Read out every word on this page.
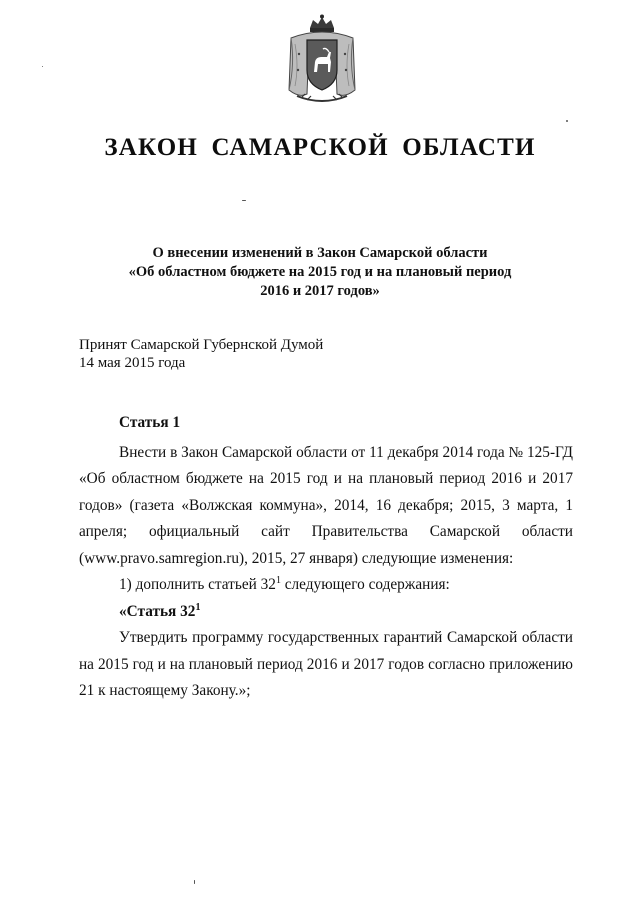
ЗАКОН САМАРСКОЙ ОБЛАСТИ
О внесении изменений в Закон Самарской области
«Об областном бюджете на 2015 год и на плановый период
2016 и 2017 годов»
Принят Самарской Губернской Думой
14 мая 2015 года

Статья 1

Внести в Закон Самарской области от 11 декабря 2014 года № 125-ГД «Об областном бюджете на 2015 год и на плановый период 2016 и 2017 годов» (газета «Волжская коммуна», 2014, 16 декабря; 2015, 3 марта, 1 апреля; официальный сайт Правительства Самарской области (www.pravo.samregion.ru), 2015, 27 января) следующие изменения:

1) дополнить статьей $32^1$ следующего содержания:

«Статья $32^1$

Утвердить программу государственных гарантий Самарской области на 2015 год и на плановый период 2016 и 2017 годов согласно приложению 21 к настоящему Закону.»;
